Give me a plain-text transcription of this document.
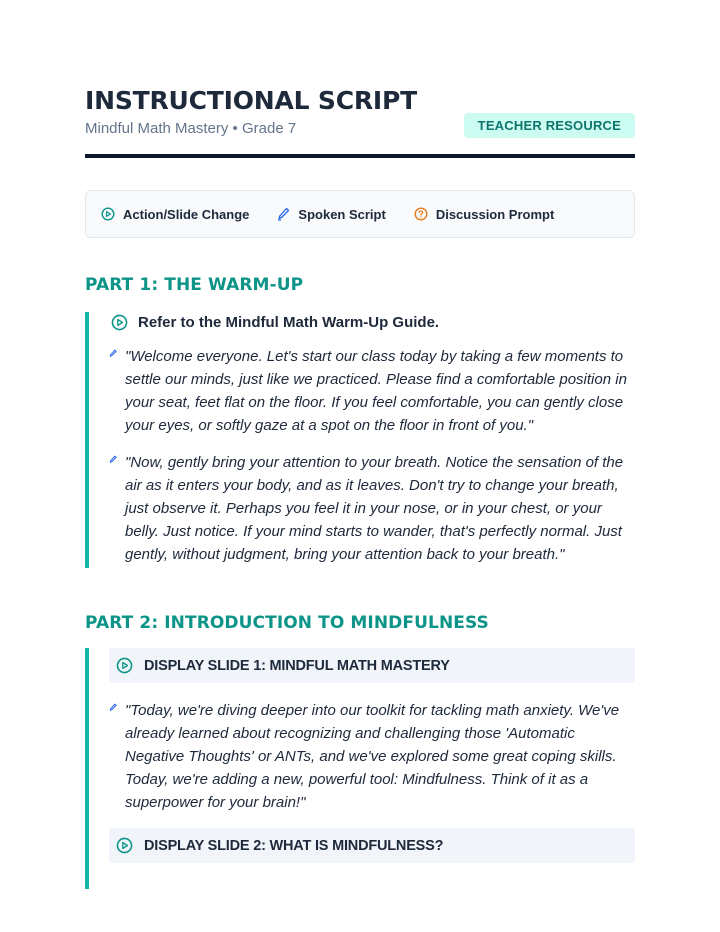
INSTRUCTIONAL SCRIPT
Mindful Math Mastery • Grade 7	TEACHER RESOURCE
Action/Slide Change	Spoken Script	Discussion Prompt
PART 1: THE WARM-UP
Refer to the Mindful Math Warm-Up Guide.

"Welcome everyone. Let's start our class today by taking a few moments to settle our minds, just like we practiced. Please find a comfortable position in your seat, feet flat on the floor. If you feel comfortable, you can gently close your eyes, or softly gaze at a spot on the floor in front of you."

"Now, gently bring your attention to your breath. Notice the sensation of the air as it enters your body, and as it leaves. Don't try to change your breath, just observe it. Perhaps you feel it in your nose, or in your chest, or your belly. Just notice. If your mind starts to wander, that's perfectly normal. Just gently, without judgment, bring your attention back to your breath."

PART 2: INTRODUCTION TO MINDFULNESS
DISPLAY SLIDE 1: MINDFUL MATH MASTERY

"Today, we're diving deeper into our toolkit for tackling math anxiety. We've already learned about recognizing and challenging those 'Automatic Negative Thoughts' or ANTs, and we've explored some great coping skills. Today, we're adding a new, powerful tool: Mindfulness. Think of it as a superpower for your brain!"

DISPLAY SLIDE 2: WHAT IS MINDFULNESS?
